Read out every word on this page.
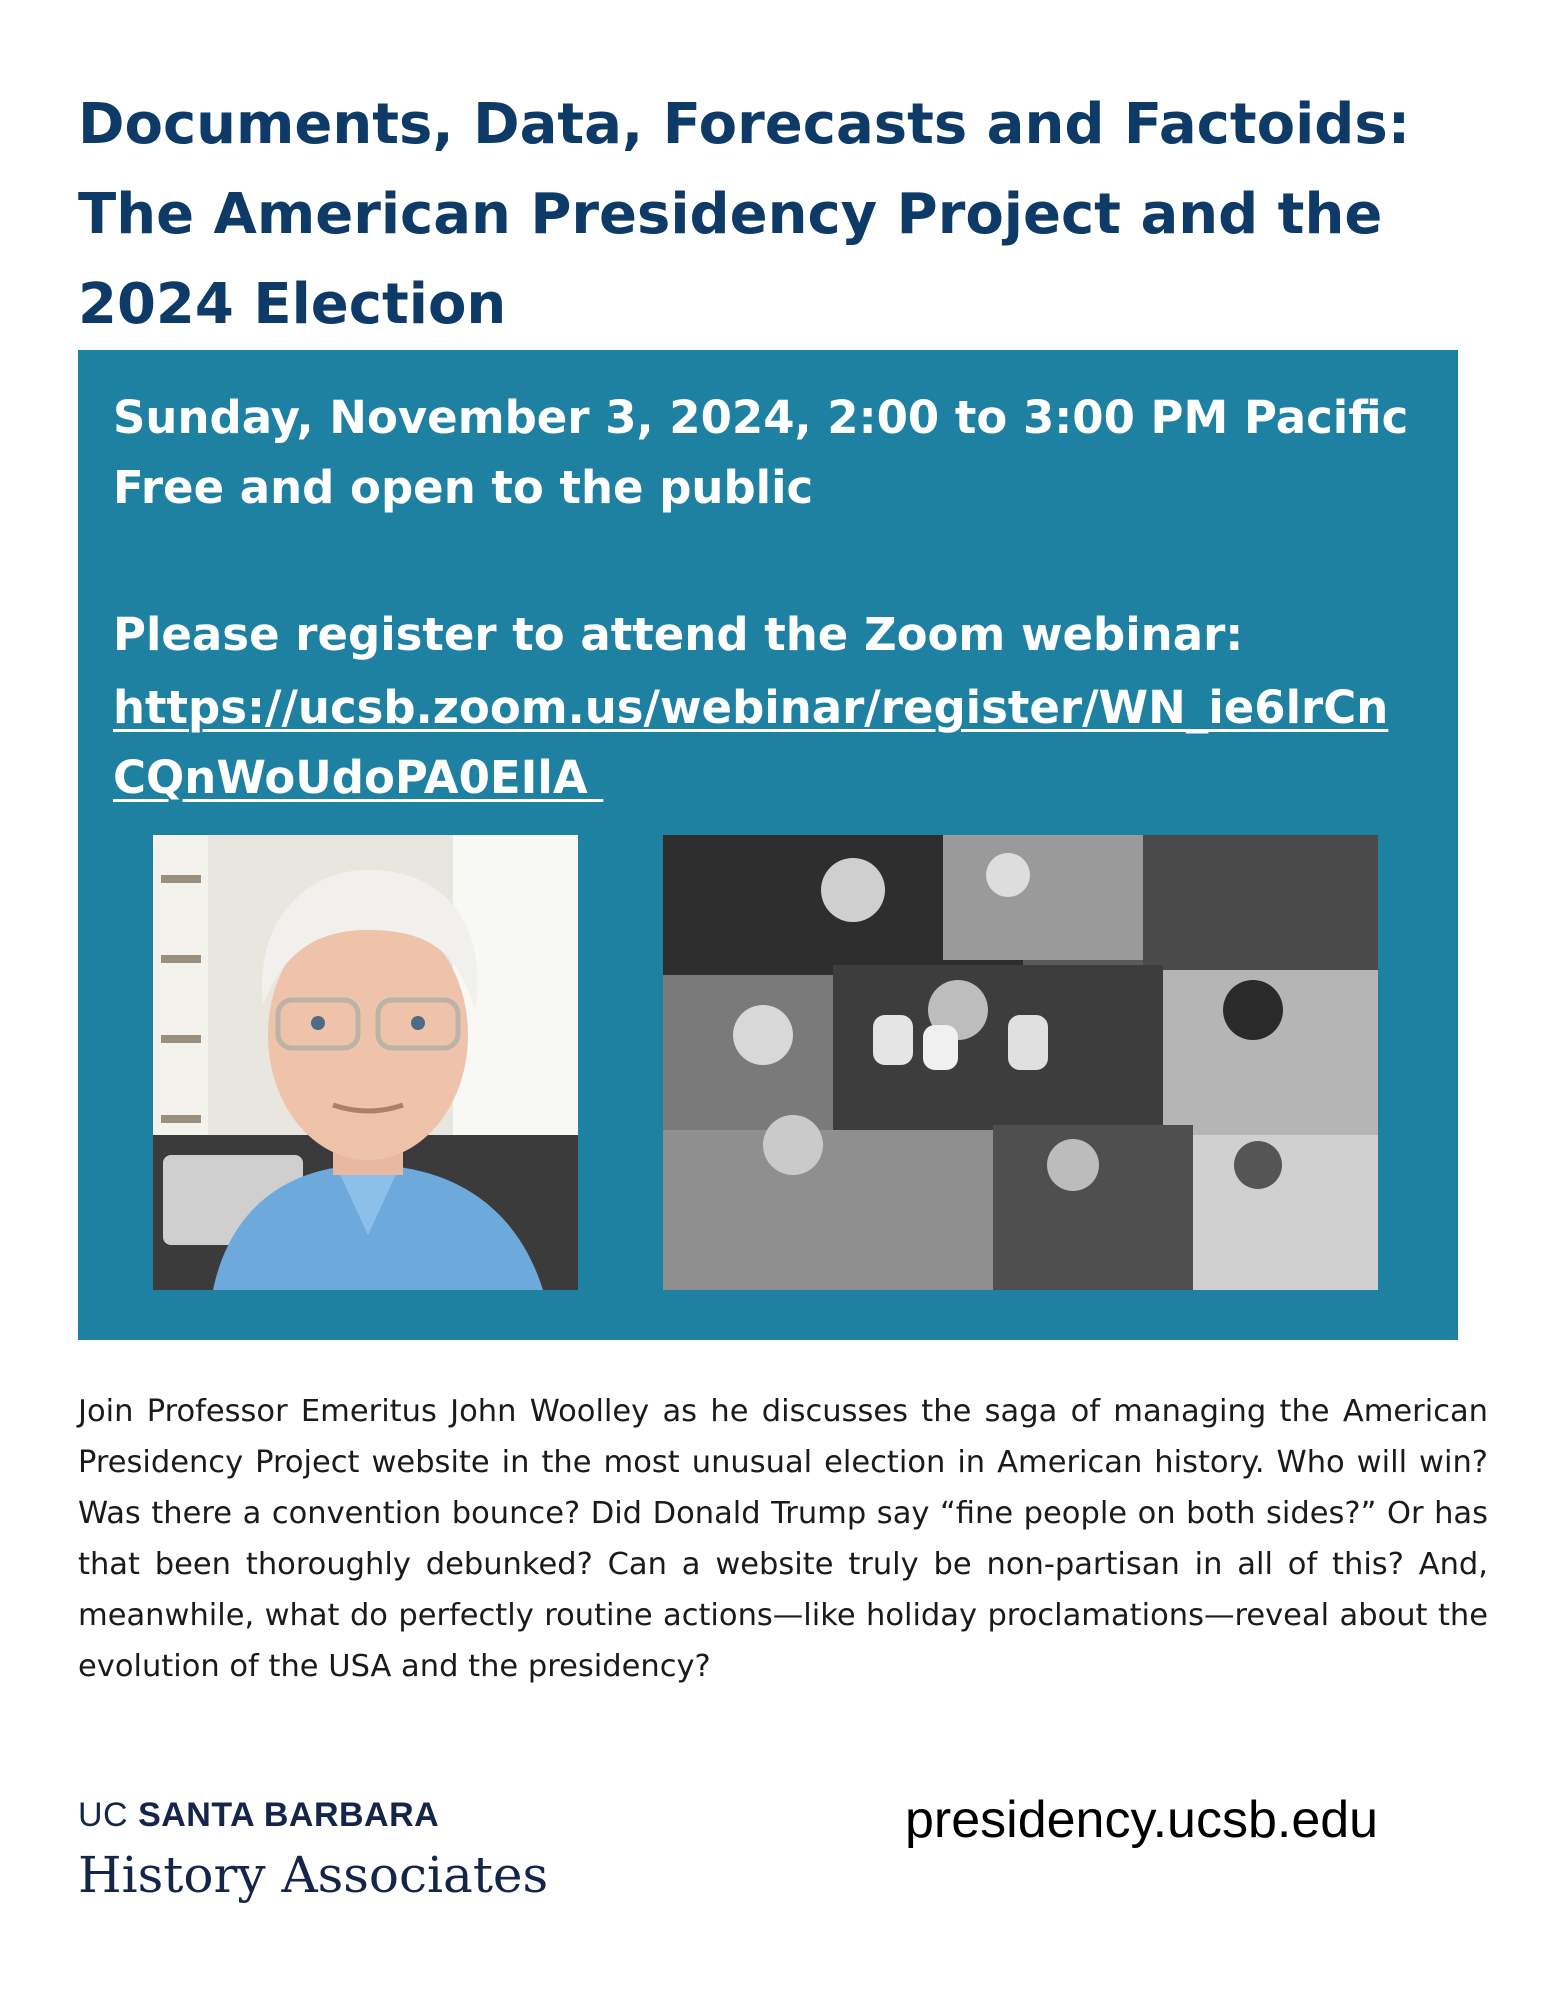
Documents, Data, Forecasts and Factoids:
The American Presidency Project and the
2024 Election
Sunday, November 3, 2024, 2:00 to 3:00 PM Pacific
Free and open to the public
Please register to attend the Zoom webinar:
https://ucsb.zoom.us/webinar/register/WN_ie6lrCn
CQnWoUdoPA0EIlA

Join Professor Emeritus John Woolley as he discusses the saga of managing the American Presidency Project website in the most unusual election in American history. Who will win? Was there a convention bounce? Did Donald Trump say “fine people on both sides?” Or has that been thoroughly debunked? Can a website truly be non-partisan in all of this? And, meanwhile, what do perfectly routine actions—like holiday proclamations—reveal about the evolution of the USA and the presidency?

UC SANTA BARBARA
History Associates
presidency.ucsb.edu
